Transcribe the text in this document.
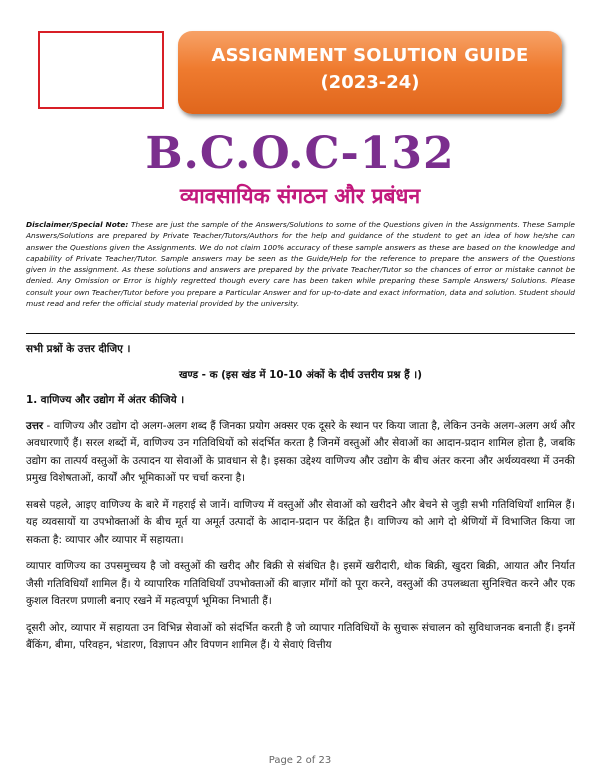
ASSIGNMENT SOLUTION GUIDE
(2023-24)
B.C.O.C-132
व्यावसायिक संगठन और प्रबंधन
Disclaimer/Special Note: These are just the sample of the Answers/Solutions to some of the Questions given in the Assignments. These Sample Answers/Solutions are prepared by Private Teacher/Tutors/Authors for the help and guidance of the student to get an idea of how he/she can answer the Questions given the Assignments. We do not claim 100% accuracy of these sample answers as these are based on the knowledge and capability of Private Teacher/Tutor. Sample answers may be seen as the Guide/Help for the reference to prepare the answers of the Questions given in the assignment. As these solutions and answers are prepared by the private Teacher/Tutor so the chances of error or mistake cannot be denied. Any Omission or Error is highly regretted though every care has been taken while preparing these Sample Answers/ Solutions. Please consult your own Teacher/Tutor before you prepare a Particular Answer and for up-to-date and exact information, data and solution. Student should must read and refer the official study material provided by the university.

सभी प्रश्नों के उत्तर दीजिए ।

खण्ड - क (इस खंड में 10-10 अंकों के दीर्घ उत्तरीय प्रश्न हैं ।)

1. वाणिज्य और उद्योग में अंतर कीजिये ।

उत्तर - वाणिज्य और उद्योग दो अलग-अलग शब्द हैं जिनका प्रयोग अक्सर एक दूसरे के स्थान पर किया जाता है, लेकिन उनके अलग-अलग अर्थ और अवधारणाएँ हैं। सरल शब्दों में, वाणिज्य उन गतिविधियों को संदर्भित करता है जिनमें वस्तुओं और सेवाओं का आदान-प्रदान शामिल होता है, जबकि उद्योग का तात्पर्य वस्तुओं के उत्पादन या सेवाओं के प्रावधान से है। इसका उद्देश्य वाणिज्य और उद्योग के बीच अंतर करना और अर्थव्यवस्था में उनकी प्रमुख विशेषताओं, कार्यों और भूमिकाओं पर चर्चा करना है।

सबसे पहले, आइए वाणिज्य के बारे में गहराई से जानें। वाणिज्य में वस्तुओं और सेवाओं को खरीदने और बेचने से जुड़ी सभी गतिविधियाँ शामिल हैं। यह व्यवसायों या उपभोक्ताओं के बीच मूर्त या अमूर्त उत्पादों के आदान-प्रदान पर केंद्रित है। वाणिज्य को आगे दो श्रेणियों में विभाजित किया जा सकता है: व्यापार और व्यापार में सहायता।

व्यापार वाणिज्य का उपसमुच्चय है जो वस्तुओं की खरीद और बिक्री से संबंधित है। इसमें खरीदारी, थोक बिक्री, खुदरा बिक्री, आयात और निर्यात जैसी गतिविधियाँ शामिल हैं। ये व्यापारिक गतिविधियाँ उपभोक्ताओं की बाज़ार माँगों को पूरा करने, वस्तुओं की उपलब्धता सुनिश्चित करने और एक कुशल वितरण प्रणाली बनाए रखने में महत्वपूर्ण भूमिका निभाती हैं।

दूसरी ओर, व्यापार में सहायता उन विभिन्न सेवाओं को संदर्भित करती है जो व्यापार गतिविधियों के सुचारू संचालन को सुविधाजनक बनाती हैं। इनमें बैंकिंग, बीमा, परिवहन, भंडारण, विज्ञापन और विपणन शामिल हैं। ये सेवाएं वित्तीय

Page 2 of 23
